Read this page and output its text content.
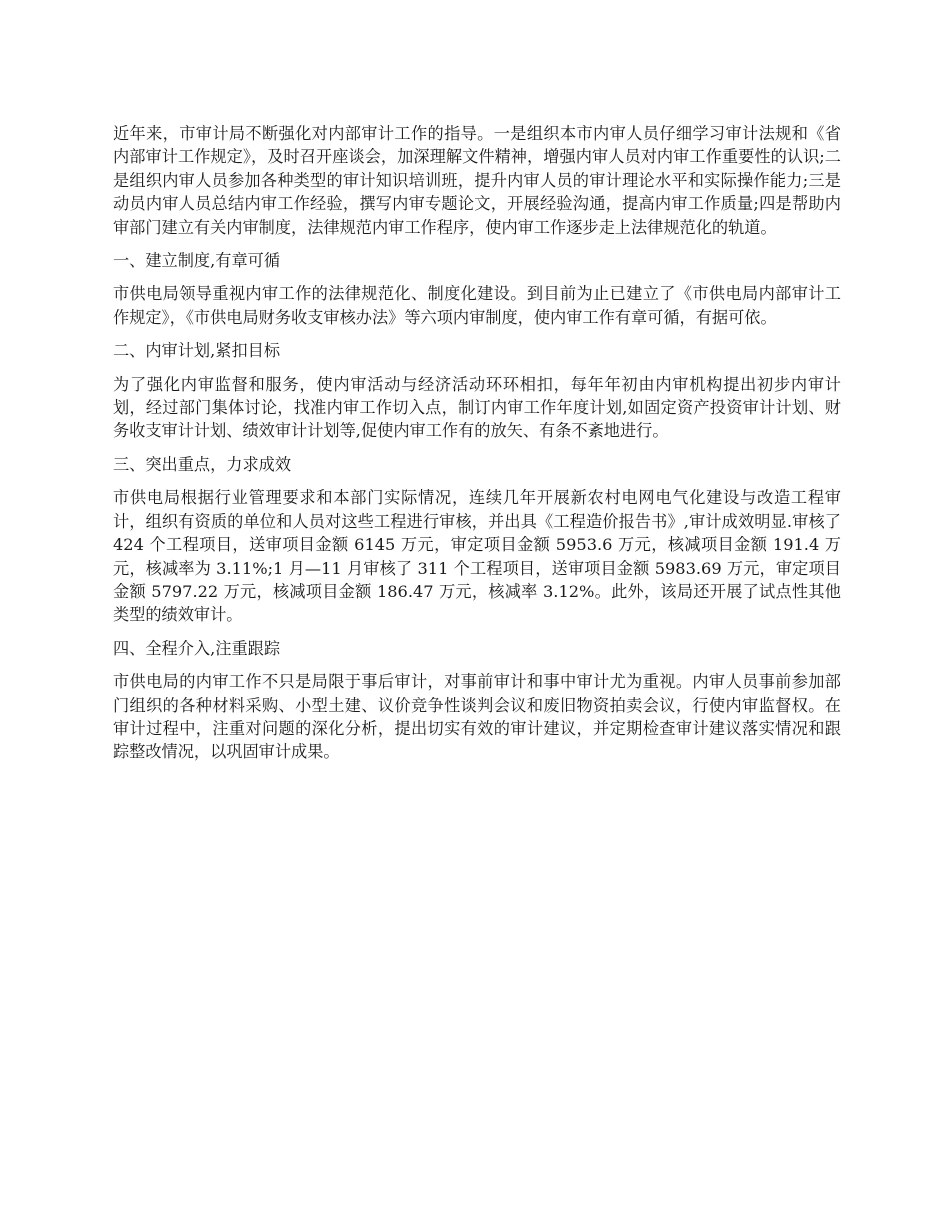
近年来，市审计局不断强化对内部审计工作的指导。一是组织本市内审人员仔细学习审计法规和《省内部审计工作规定》，及时召开座谈会，加深理解文件精神，增强内审人员对内审工作重要性的认识;二是组织内审人员参加各种类型的审计知识培训班，提升内审人员的审计理论水平和实际操作能力;三是动员内审人员总结内审工作经验，撰写内审专题论文，开展经验沟通，提高内审工作质量;四是帮助内审部门建立有关内审制度，法律规范内审工作程序，使内审工作逐步走上法律规范化的轨道。

一、建立制度,有章可循

市供电局领导重视内审工作的法律规范化、制度化建设。到目前为止已建立了《市供电局内部审计工作规定》，《市供电局财务收支审核办法》等六项内审制度，使内审工作有章可循，有据可依。

二、内审计划,紧扣目标

为了强化内审监督和服务，使内审活动与经济活动环环相扣，每年年初由内审机构提出初步内审计划，经过部门集体讨论，找准内审工作切入点，制订内审工作年度计划,如固定资产投资审计计划、财务收支审计计划、绩效审计计划等,促使内审工作有的放矢、有条不紊地进行。

三、突出重点，力求成效

市供电局根据行业管理要求和本部门实际情况，连续几年开展新农村电网电气化建设与改造工程审计，组织有资质的单位和人员对这些工程进行审核，并出具《工程造价报告书》,审计成效明显.审核了 424 个工程项目，送审项目金额 6145 万元，审定项目金额 5953.6 万元，核减项目金额 191.4 万元，核减率为 3.11%;1 月—11 月审核了 311 个工程项目，送审项目金额 5983.69 万元，审定项目金额 5797.22 万元，核减项目金额 186.47 万元，核减率 3.12%。此外，该局还开展了试点性其他类型的绩效审计。

四、全程介入,注重跟踪

市供电局的内审工作不只是局限于事后审计，对事前审计和事中审计尤为重视。内审人员事前参加部门组织的各种材料采购、小型土建、议价竞争性谈判会议和废旧物资拍卖会议，行使内审监督权。在审计过程中，注重对问题的深化分析，提出切实有效的审计建议，并定期检查审计建议落实情况和跟踪整改情况，以巩固审计成果。
